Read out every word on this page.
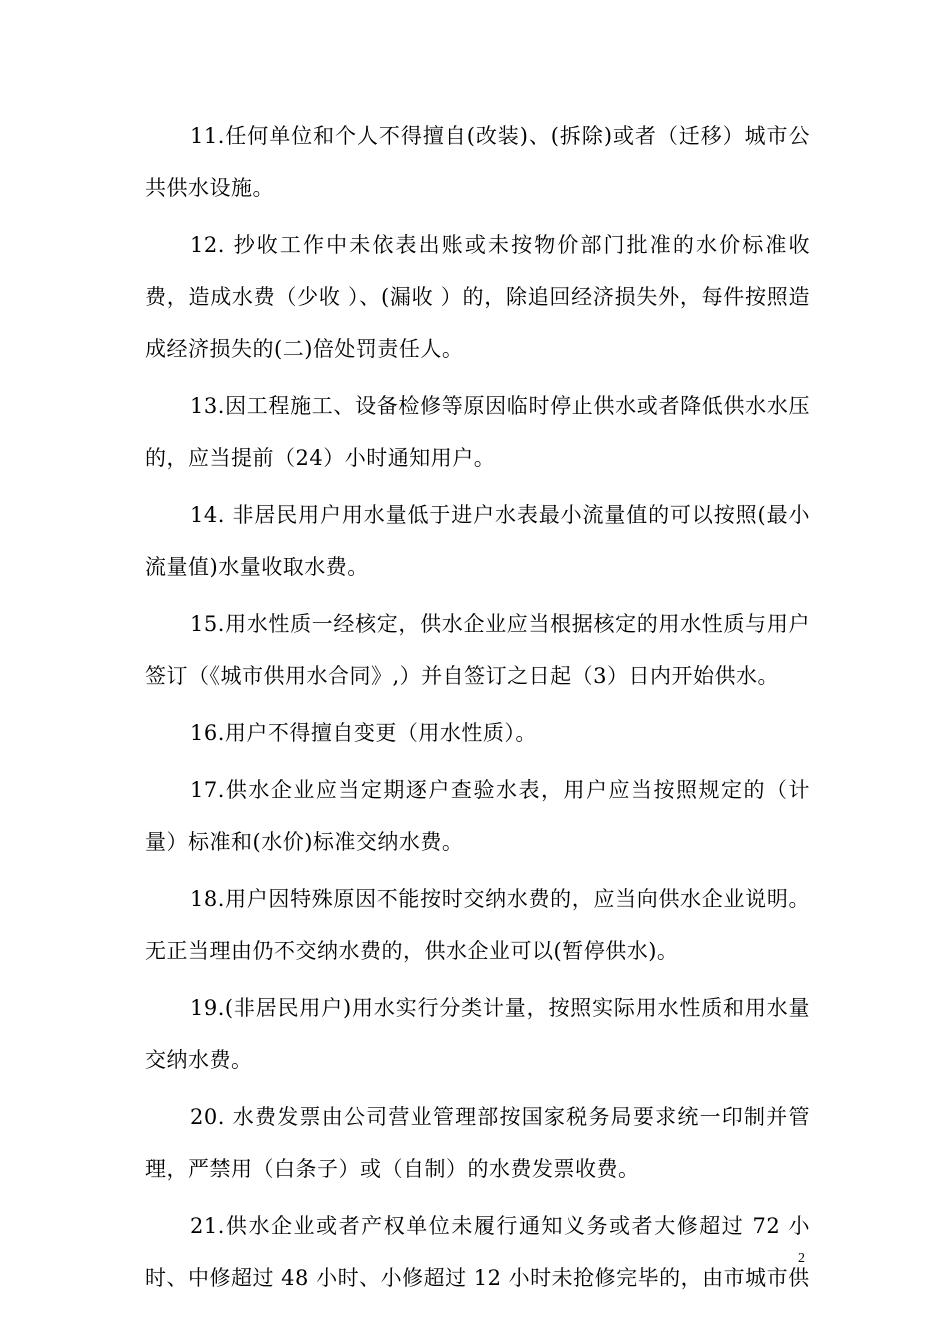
11.任何单位和个人不得擅自(改装)、(拆除)或者（迁移）城市公共供水设施。

12. 抄收工作中未依表出账或未按物价部门批准的水价标准收费，造成水费（少收 ）、(漏收 ）的，除追回经济损失外，每件按照造成经济损失的(二)倍处罚责任人。

13.因工程施工、设备检修等原因临时停止供水或者降低供水水压的，应当提前（24）小时通知用户。

14. 非居民用户用水量低于进户水表最小流量值的可以按照(最小流量值)水量收取水费。

15.用水性质一经核定，供水企业应当根据核定的用水性质与用户签订（《城市供用水合同》,）并自签订之日起（3）日内开始供水。

16.用户不得擅自变更（用水性质）。

17.供水企业应当定期逐户查验水表，用户应当按照规定的（计量）标准和(水价)标准交纳水费。

18.用户因特殊原因不能按时交纳水费的，应当向供水企业说明。无正当理由仍不交纳水费的，供水企业可以(暂停供水)。

19.(非居民用户)用水实行分类计量，按照实际用水性质和用水量交纳水费。

20. 水费发票由公司营业管理部按国家税务局要求统一印制并管理，严禁用（白条子）或（自制）的水费发票收费。

21.供水企业或者产权单位未履行通知义务或者大修超过 72 小时、中修超过 48 小时、小修超过 12 小时未抢修完毕的，由市城市供

2
